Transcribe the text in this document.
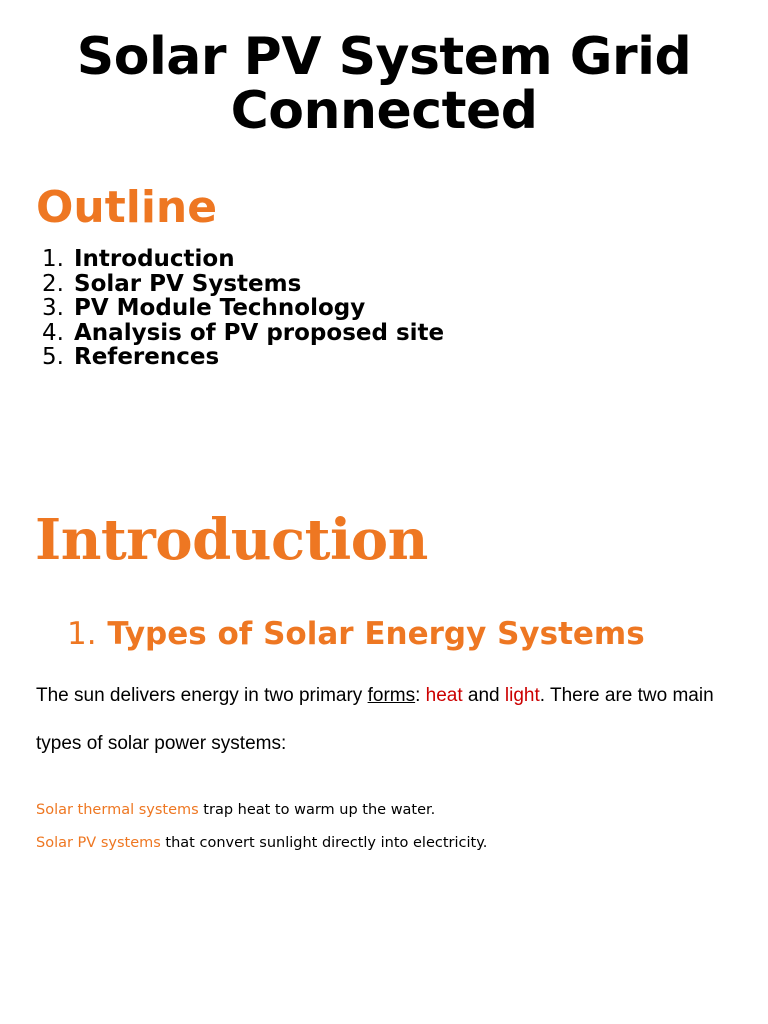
Solar PV System Grid Connected
Outline
1. Introduction
2. Solar PV Systems
3. PV Module Technology
4. Analysis of PV proposed site
5. References
Introduction
1. Types of Solar Energy Systems

The sun delivers energy in two primary forms: heat and light. There are two main types of solar power systems:

Solar thermal systems trap heat to warm up the water.

Solar PV systems that convert sunlight directly into electricity.
